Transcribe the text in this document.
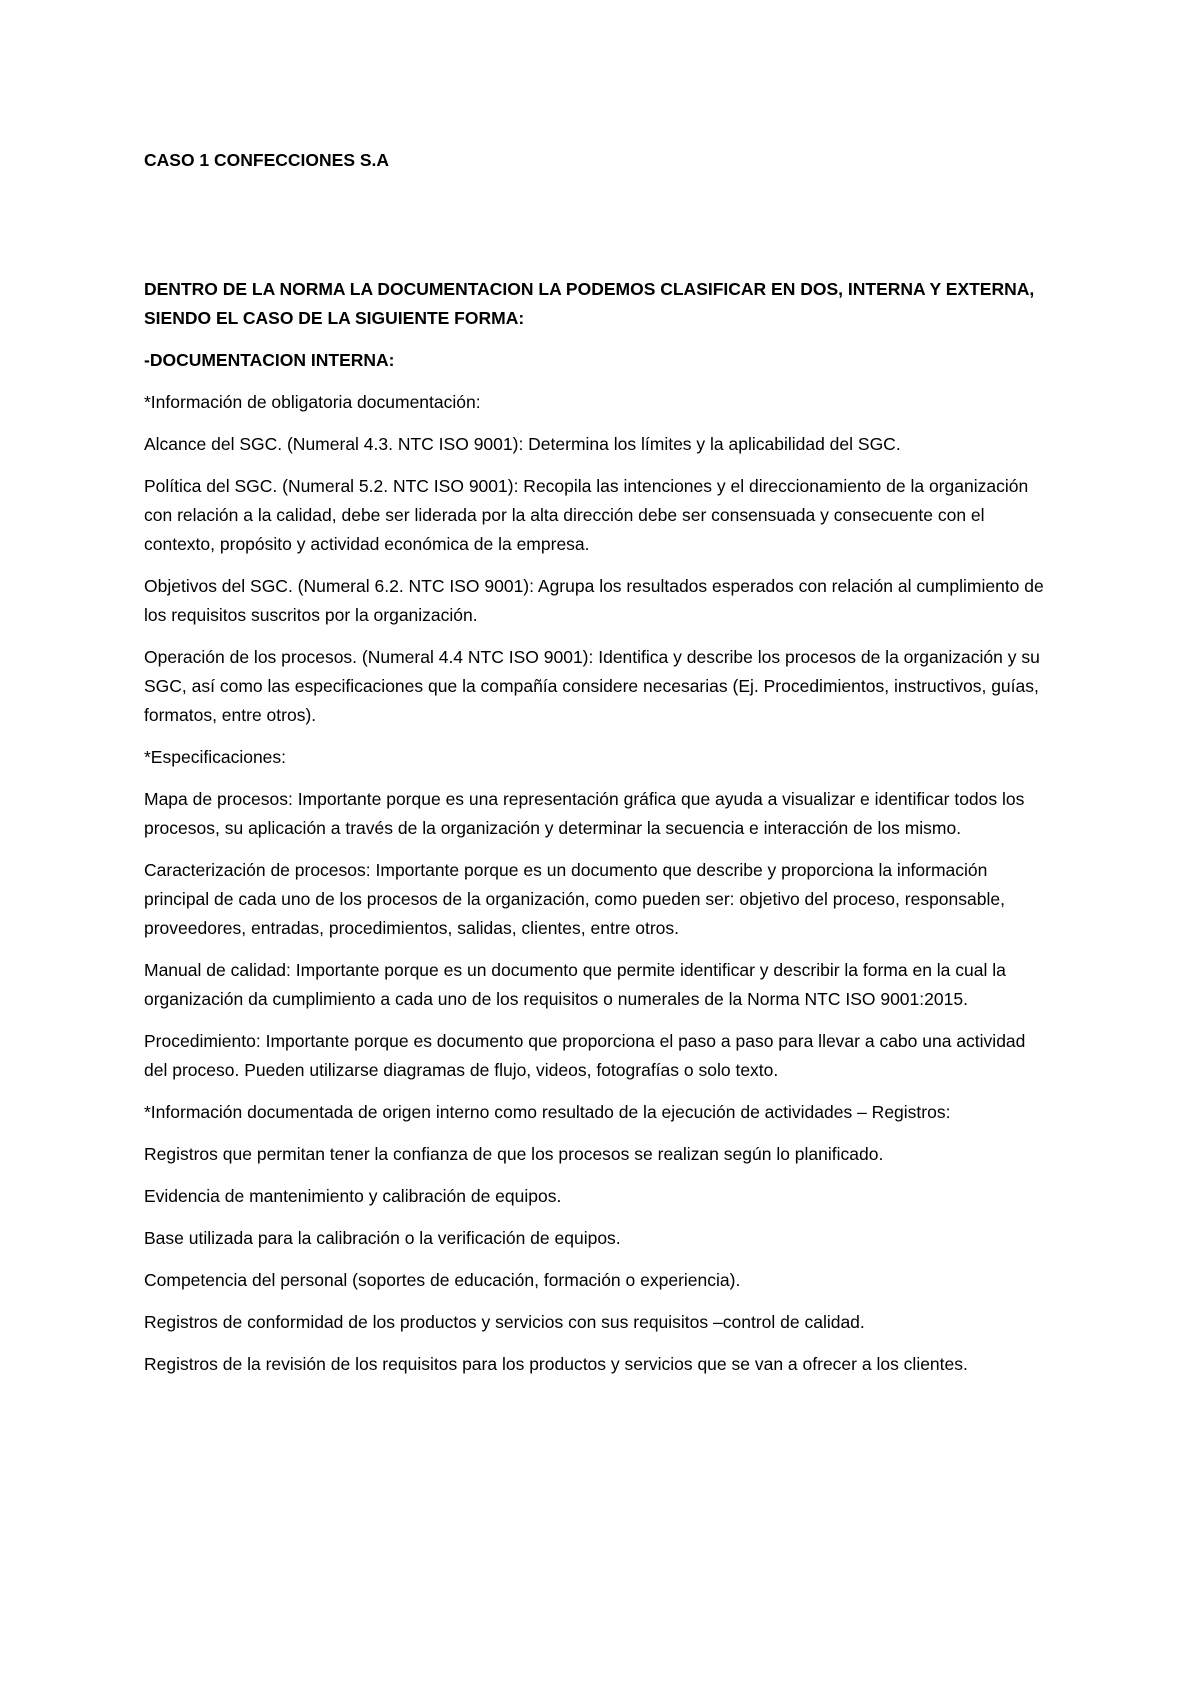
CASO 1 CONFECCIONES S.A

DENTRO DE LA NORMA LA DOCUMENTACION LA PODEMOS CLASIFICAR EN DOS, INTERNA Y EXTERNA, SIENDO EL CASO DE LA SIGUIENTE FORMA:

-DOCUMENTACION INTERNA:

*Información de obligatoria documentación:

Alcance del SGC. (Numeral 4.3. NTC ISO 9001): Determina los límites y la aplicabilidad del SGC.

Política del SGC. (Numeral 5.2. NTC ISO 9001): Recopila las intenciones y el direccionamiento de la organización con relación a la calidad, debe ser liderada por la alta dirección debe ser consensuada y consecuente con el contexto, propósito y actividad económica de la empresa.

Objetivos del SGC. (Numeral 6.2. NTC ISO 9001): Agrupa los resultados esperados con relación al cumplimiento de los requisitos suscritos por la organización.

Operación de los procesos. (Numeral 4.4 NTC ISO 9001): Identifica y describe los procesos de la organización y su SGC, así como las especificaciones que la compañía considere necesarias (Ej. Procedimientos, instructivos, guías, formatos, entre otros).

*Especificaciones:

Mapa de procesos: Importante porque es una representación gráfica que ayuda a visualizar e identificar todos los procesos, su aplicación a través de la organización y determinar la secuencia e interacción de los mismo.

Caracterización de procesos: Importante porque es un documento que describe y proporciona la información principal de cada uno de los procesos de la organización, como pueden ser: objetivo del proceso, responsable, proveedores, entradas, procedimientos, salidas, clientes, entre otros.

Manual de calidad: Importante porque es un documento que permite identificar y describir la forma en la cual la organización da cumplimiento a cada uno de los requisitos o numerales de la Norma NTC ISO 9001:2015.

Procedimiento: Importante porque es documento que proporciona el paso a paso para llevar a cabo una actividad del proceso. Pueden utilizarse diagramas de flujo, videos, fotografías o solo texto.

*Información documentada de origen interno como resultado de la ejecución de actividades – Registros:

Registros que permitan tener la confianza de que los procesos se realizan según lo planificado.

Evidencia de mantenimiento y calibración de equipos.

Base utilizada para la calibración o la verificación de equipos.

Competencia del personal (soportes de educación, formación o experiencia).

Registros de conformidad de los productos y servicios con sus requisitos –control de calidad.

Registros de la revisión de los requisitos para los productos y servicios que se van a ofrecer a los clientes.
